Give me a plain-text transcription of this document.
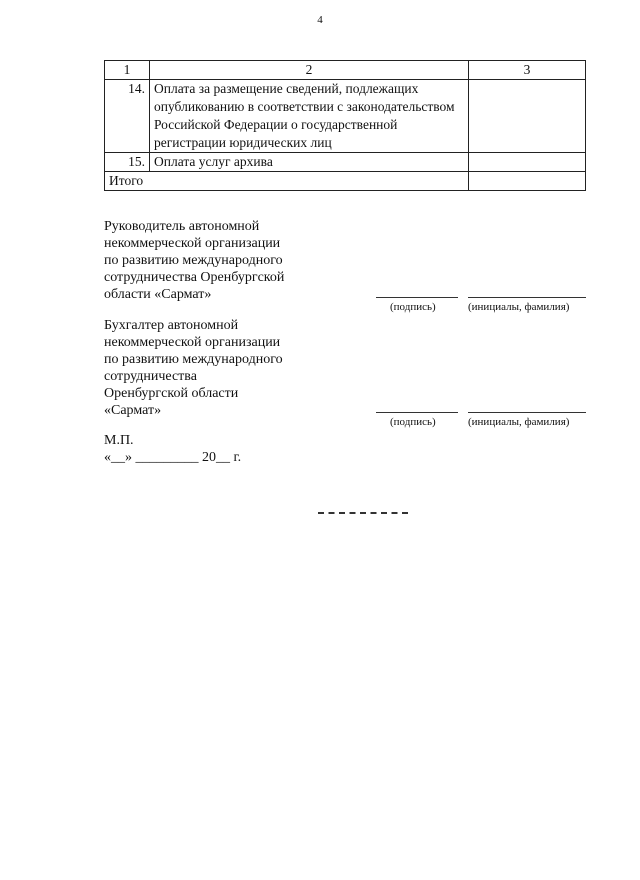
4
1	2	3
14.	Оплата за размещение сведений, подлежащих опубликованию в соответствии с законодательством Российской Федерации о государственной регистрации юридических лиц	
15.	Оплата услуг архива	
Итого		
Руководитель автономной
некоммерческой организации
по развитию международного
сотрудничества Оренбургской
области «Сармат»
(подпись)	(инициалы, фамилия)
Бухгалтер автономной
некоммерческой организации
по развитию международного
сотрудничества
Оренбургской области
«Сармат»
(подпись)	(инициалы, фамилия)
М.П.
«__» _________ 20__ г.
